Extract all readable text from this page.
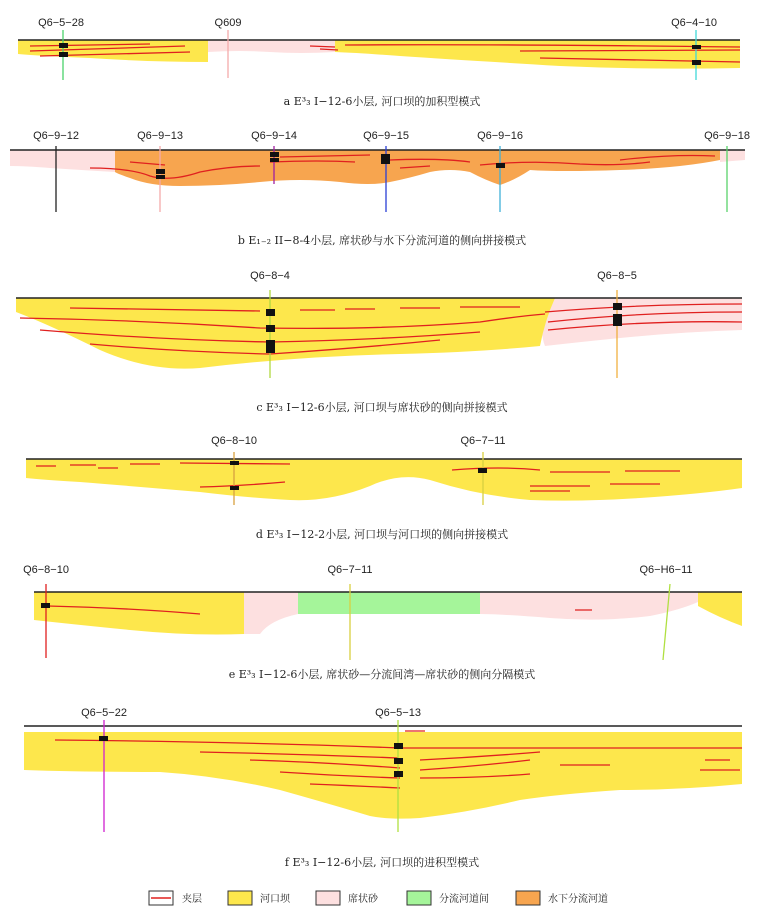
Q6−5−28	Q609	Q6−4−10
a E³₃ I−12-6小层, 河口坝的加积型模式
Q6−9−12	Q6−9−13	Q6−9−14	Q6−9−15	Q6−9−16	Q6−9−18
b E₁₋₂ II−8-4小层, 席状砂与水下分流河道的侧向拼接模式
Q6−8−4	Q6−8−5
c E³₃ I−12-6小层, 河口坝与席状砂的侧向拼接模式
Q6−8−10	Q6−7−11
d E³₃ I−12-2小层, 河口坝与河口坝的侧向拼接模式
Q6−8−10	Q6−7−11	Q6−H6−11
e E³₃ I−12-6小层, 席状砂—分流间湾—席状砂的侧向分隔模式
Q6−5−22	Q6−5−13
f E³₃ I−12-6小层, 河口坝的进积型模式
夹层	河口坝	席状砂	分流河道间	水下分流河道
